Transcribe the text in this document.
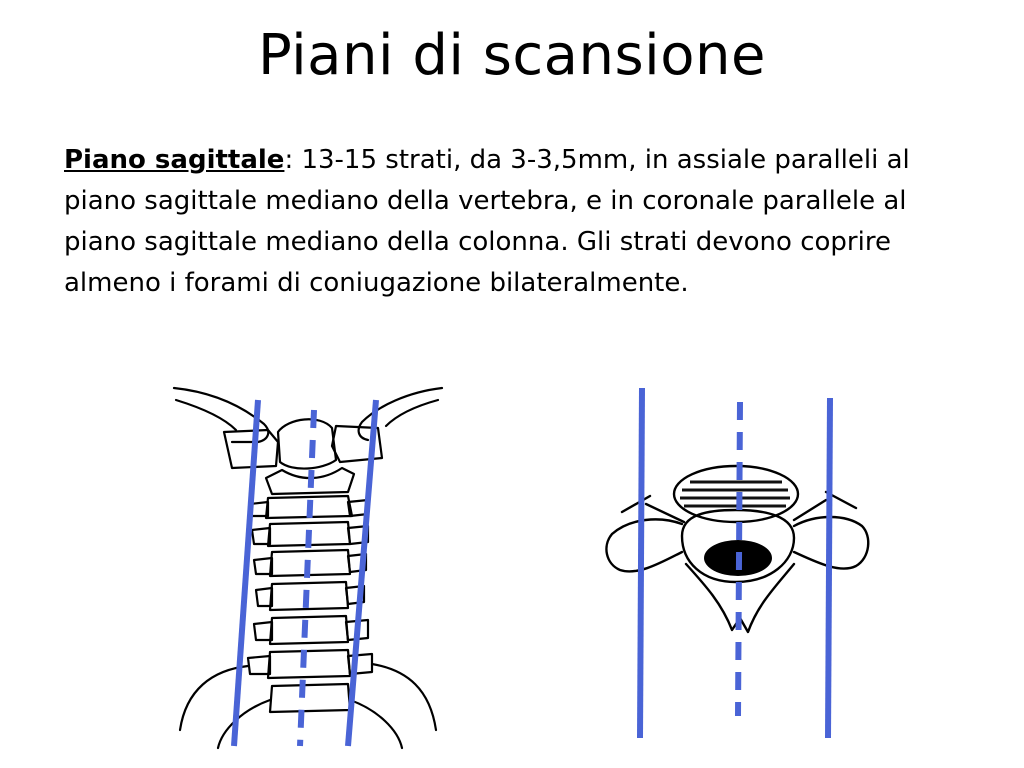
Piani di scansione

Piano sagittale: 13-15 strati, da 3-3,5mm, in assiale paralleli al piano sagittale mediano della vertebra, e in coronale parallele al piano sagittale mediano della colonna. Gli strati devono coprire almeno i forami di coniugazione bilateralmente.
